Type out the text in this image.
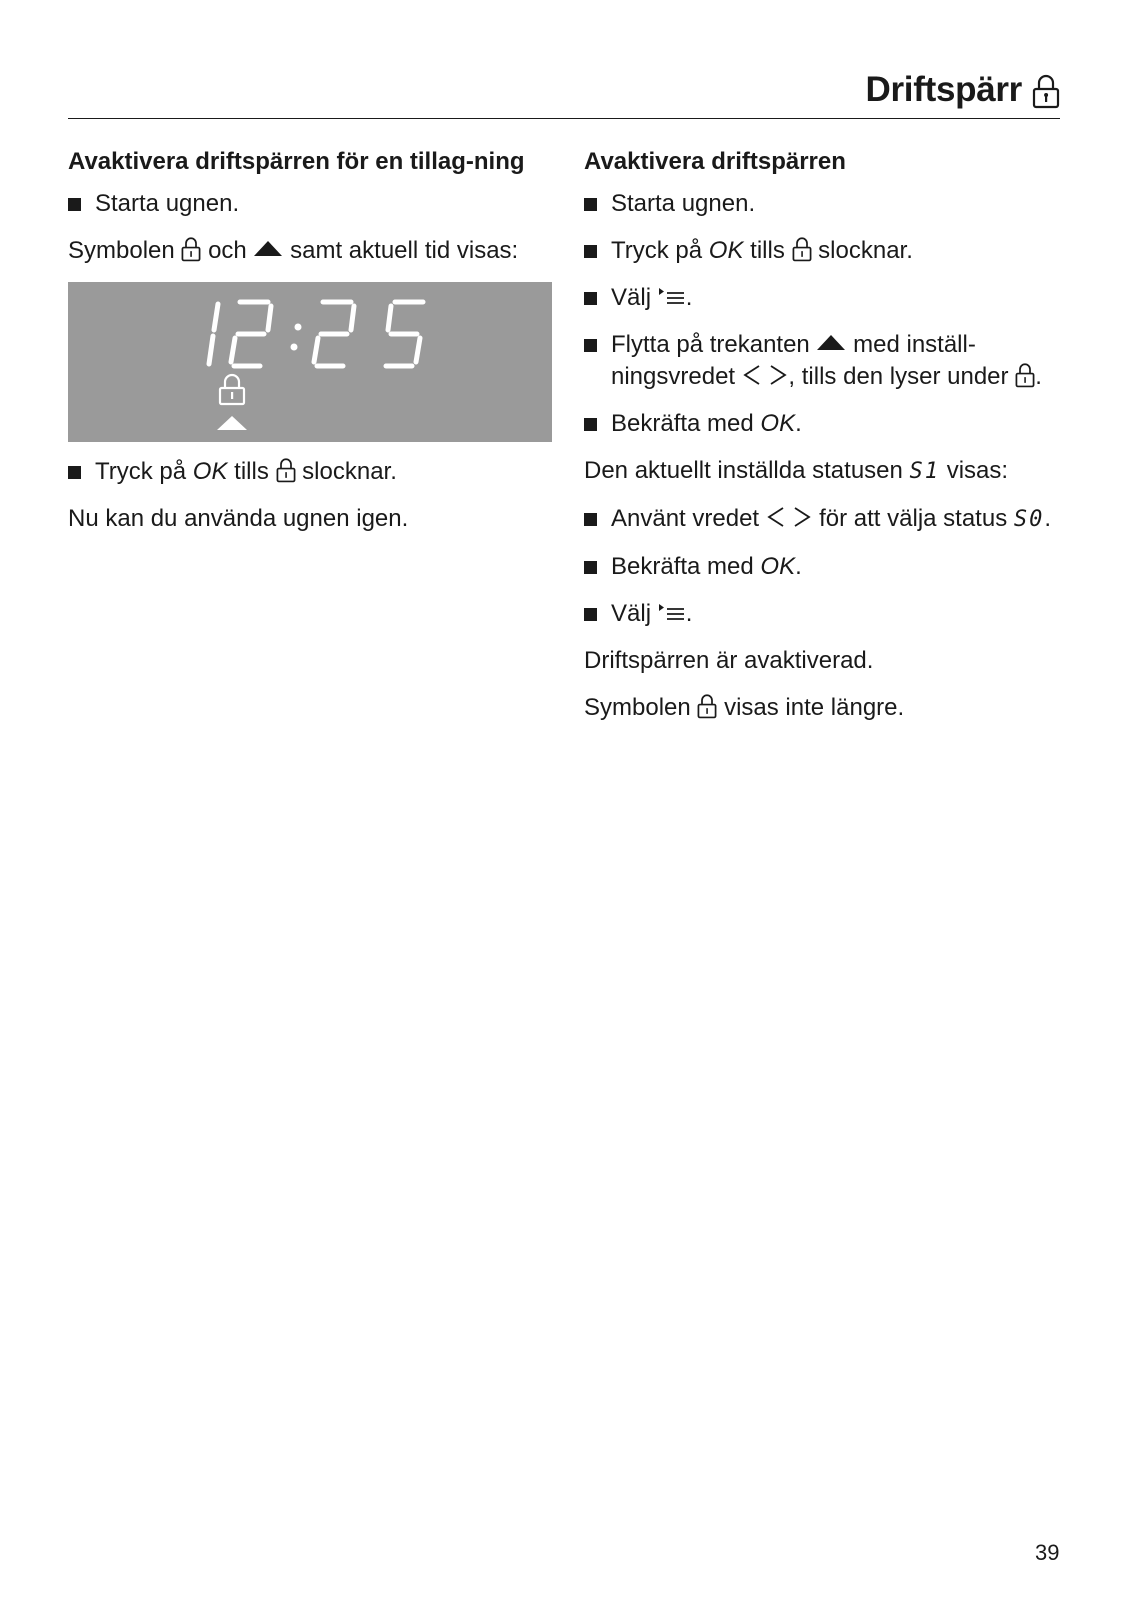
Driftspärr
Avaktivera driftspärren för en tillag-ning
Starta ugnen.

Symbolen och samt aktuell tid visas:

Tryck på OK tills slocknar.

Nu kan du använda ugnen igen.

Avaktivera driftspärren
Starta ugnen.
Tryck på OK tills slocknar.
Välj .
Flytta på trekanten med inställ-ningsvredet , tills den lyser under .
Bekräfta med OK.

Den aktuellt inställda statusen S1 visas:

Använt vredet	för att välja status S0.
Bekräfta med OK.
Välj .

Driftspärren är avaktiverad.

Symbolen visas inte längre.

39
